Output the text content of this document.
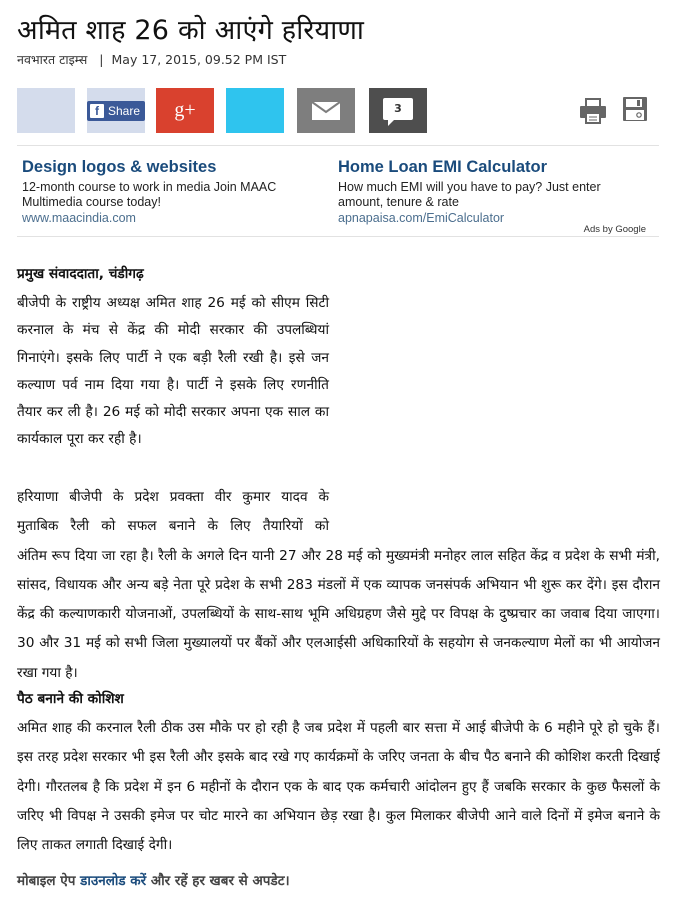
अमित शाह 26 को आएंगे हरियाणा
नवभारत टाइम्स | May 17, 2015, 09.52 PM IST
f Share g+	3
Design logos & websites
12-month course to work in media Join MAAC Multimedia course today!
www.maacindia.com
Home Loan EMI Calculator
How much EMI will you have to pay? Just enter amount, tenure & rate
apnapaisa.com/EmiCalculator
Ads by Google
प्रमुख संवाददाता, चंडीगढ़

बीजेपी के राष्ट्रीय अध्यक्ष अमित शाह 26 मई को सीएम सिटी करनाल के मंच से केंद्र की मोदी सरकार की उपलब्धियां गिनाएंगे। इसके लिए पार्टी ने एक बड़ी रैली रखी है। इसे जन कल्याण पर्व नाम दिया गया है। पार्टी ने इसके लिए रणनीति तैयार कर ली है। 26 मई को मोदी सरकार अपना एक साल का कार्यकाल पूरा कर रही है।

हरियाणा बीजेपी के प्रदेश प्रवक्ता वीर कुमार यादव के
मुताबिक रैली को सफल बनाने के लिए तैयारियों को
अंतिम रूप दिया जा रहा है। रैली के अगले दिन यानी 27 और 28 मई को मुख्यमंत्री मनोहर लाल सहित केंद्र व प्रदेश के सभी मंत्री, सांसद, विधायक और अन्य बड़े नेता पूरे प्रदेश के सभी 283 मंडलों में एक व्यापक जनसंपर्क अभियान भी शुरू कर देंगे। इस दौरान केंद्र की कल्याणकारी योजनाओं, उपलब्धियों के साथ-साथ भूमि अधिग्रहण जैसे मुद्दे पर विपक्ष के दुष्प्रचार का जवाब दिया जाएगा। 30 और 31 मई को सभी जिला मुख्यालयों पर बैंकों और एलआईसी अधिकारियों के सहयोग से जनकल्याण मेलों का भी आयोजन रखा गया है।

पैठ बनाने की कोशिश

अमित शाह की करनाल रैली ठीक उस मौके पर हो रही है जब प्रदेश में पहली बार सत्ता में आई बीजेपी के 6 महीने पूरे हो चुके हैं। इस तरह प्रदेश सरकार भी इस रैली और इसके बाद रखे गए कार्यक्रमों के जरिए जनता के बीच पैठ बनाने की कोशिश करती दिखाई देगी। गौरतलब है कि प्रदेश में इन 6 महीनों के दौरान एक के बाद एक कर्मचारी आंदोलन हुए हैं जबकि सरकार के कुछ फैसलों के जरिए भी विपक्ष ने उसकी इमेज पर चोट मारने का अभियान छेड़ रखा है। कुल मिलाकर बीजेपी आने वाले दिनों में इमेज बनाने के लिए ताकत लगाती दिखाई देगी।

मोबाइल ऐप डाउनलोड करें और रहें हर खबर से अपडेट।
